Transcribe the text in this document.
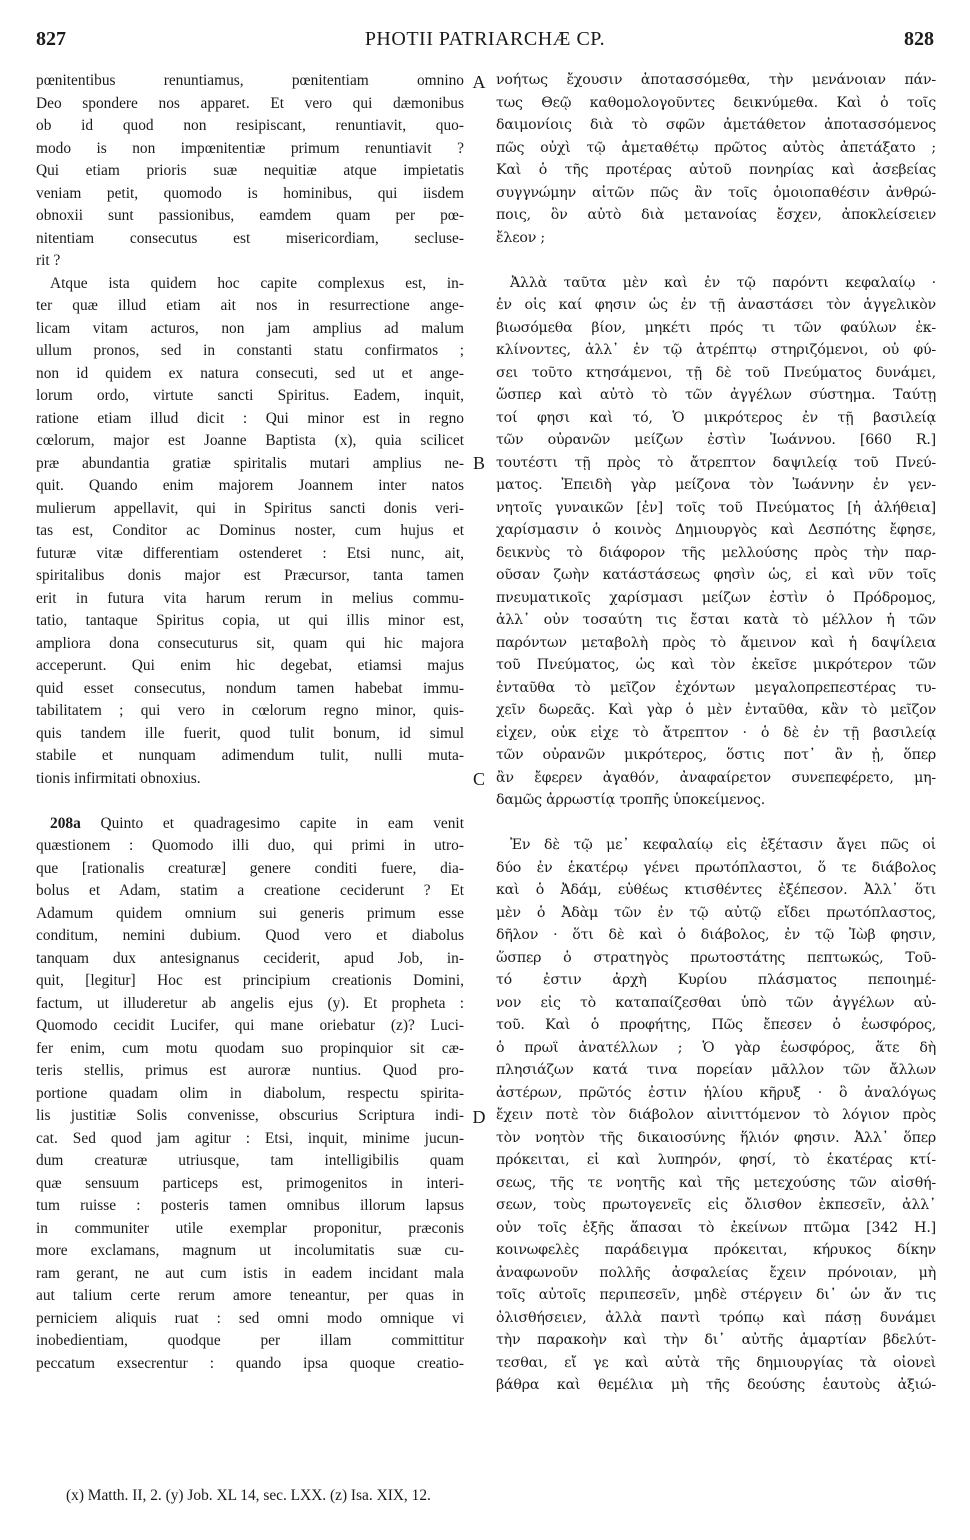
827	PHOTII PATRIARCHÆ CP.	828
pœnitentibus renuntiamus, pœnitentiam omnino
Deo spondere nos apparet. Et vero qui dæmonibus
ob id quod non resipiscant, renuntiavit, quo-
modo is non impœnitentiæ primum renuntiavit ?
Qui etiam prioris suæ nequitiæ atque impietatis
veniam petit, quomodo is hominibus, qui iisdem
obnoxii sunt passionibus, eamdem quam per pœ-
nitentiam consecutus est misericordiam, secluse-
rit ?
Atque ista quidem hoc capite complexus est, in-
ter quæ illud etiam ait nos in resurrectione ange-
licam vitam acturos, non jam amplius ad malum
ullum pronos, sed in constanti statu confirmatos ;
non id quidem ex natura consecuti, sed ut et ange-
lorum ordo, virtute sancti Spiritus. Eadem, inquit,
ratione etiam illud dicit : Qui minor est in regno
cœlorum, major est Joanne Baptista (x), quia scilicet
præ abundantia gratiæ spiritalis mutari amplius ne-
quit. Quando enim majorem Joannem inter natos
mulierum appellavit, qui in Spiritus sancti donis veri-
tas est, Conditor ac Dominus noster, cum hujus et
futuræ vitæ differentiam ostenderet : Etsi nunc, ait,
spiritalibus donis major est Præcursor, tanta tamen
erit in futura vita harum rerum in melius commu-
tatio, tantaque Spiritus copia, ut qui illis minor est,
ampliora dona consecuturus sit, quam qui hic majora
acceperunt. Qui enim hic degebat, etiamsi majus
quid esset consecutus, nondum tamen habebat immu-
tabilitatem ; qui vero in cœlorum regno minor, quis-
quis tandem ille fuerit, quod tulit bonum, id simul
stabile et nunquam adimendum tulit, nulli muta-
tionis infirmitati obnoxius.
208a Quinto et quadragesimo capite in eam venit
quæstionem : Quomodo illi duo, qui primi in utro-
que [rationalis creaturæ] genere conditi fuere, dia-
bolus et Adam, statim a creatione ceciderunt ? Et
Adamum quidem omnium sui generis primum esse
conditum, nemini dubium. Quod vero et diabolus
tanquam dux antesignanus ceciderit, apud Job, in-
quit, [legitur] Hoc est principium creationis Domini,
factum, ut illuderetur ab angelis ejus (y). Et propheta :
Quomodo cecidit Lucifer, qui mane oriebatur (z)? Luci-
fer enim, cum motu quodam suo propinquior sit cæ-
teris stellis, primus est auroræ nuntius. Quod pro-
portione quadam olim in diabolum, respectu spirita-
lis justitiæ Solis convenisse, obscurius Scriptura indi-
cat. Sed quod jam agitur : Etsi, inquit, minime jucun-
dum creaturæ utriusque, tam intelligibilis quam
quæ sensuum particeps est, primogenitos in interi-
tum ruisse : posteris tamen omnibus illorum lapsus
in communiter utile exemplar proponitur, præconis
more exclamans, magnum ut incolumitatis suæ cu-
ram gerant, ne aut cum istis in eadem incidant mala
aut talium certe rerum amore teneantur, per quas in
perniciem aliquis ruat : sed omni modo omnique vi
inobedientiam, quodque per illam committitur
peccatum exsecrentur : quando ipsa quoque creatio-
νοήτως ἔχουσιν ἀποτασσόμεθα, τὴν μενάνοιαν πάν-
τως Θεῷ καθομολογοῦντες δεικνύμεθα. Καὶ ὁ τοῖς
δαιμονίοις διὰ τὸ σφῶν ἀμετάθετον ἀποτασσόμενος
πῶς οὐχὶ τῷ ἀμεταθέτῳ πρῶτος αὐτὸς ἀπετάξατο ;
Καὶ ὁ τῆς προτέρας αὐτοῦ πονηρίας καὶ ἀσεβείας
συγγνώμην αἰτῶν πῶς ἂν τοῖς ὁμοιοπαθέσιν ἀνθρώ-
ποις, ὃν αὐτὸ διὰ μετανοίας ἔσχεν, ἀποκλείσειεν
ἔλεον ;
Ἀλλὰ ταῦτα μὲν καὶ ἐν τῷ παρόντι κεφαλαίῳ ·
ἐν οἷς καί φησιν ὡς ἐν τῇ ἀναστάσει τὸν ἀγγελικὸν
βιωσόμεθα βίον, μηκέτι πρός τι τῶν φαύλων ἐκ-
κλίνοντες, ἀλλ᾽ ἐν τῷ ἀτρέπτῳ στηριζόμενοι, οὐ φύ-
σει τοῦτο κτησάμενοι, τῇ δὲ τοῦ Πνεύματος δυνάμει,
ὥσπερ καὶ αὐτὸ τὸ τῶν ἀγγέλων σύστημα. Ταύτῃ
τοί φησι καὶ τό, Ὁ μικρότερος ἐν τῇ βασιλείᾳ
τῶν οὐρανῶν μείζων ἐστὶν Ἰωάννου. [660 R.]
τουτέστι τῇ πρὸς τὸ ἄτρεπτον δαψιλείᾳ τοῦ Πνεύ-
ματος. Ἐπειδὴ γὰρ μείζονα τὸν Ἰωάννην ἐν γεν-
νητοῖς γυναικῶν [ἐν] τοῖς τοῦ Πνεύματος [ἡ ἀλήθεια]
χαρίσμασιν ὁ κοινὸς Δημιουργὸς καὶ Δεσπότης ἔφησε,
δεικνὺς τὸ διάφορον τῆς μελλούσης πρὸς τὴν παρ-
οῦσαν ζωὴν κατάστάσεως φησὶν ὡς, εἰ καὶ νῦν τοῖς
πνευματικοῖς χαρίσμασι μείζων ἐστὶν ὁ Πρόδρομος,
ἀλλ᾽ οὖν τοσαύτη τις ἔσται κατὰ τὸ μέλλον ἡ τῶν
παρόντων μεταβολὴ πρὸς τὸ ἄμεινον καὶ ἡ δαψίλεια
τοῦ Πνεύματος, ὡς καὶ τὸν ἐκεῖσε μικρότερον τῶν
ἐνταῦθα τὸ μεῖζον ἐχόντων μεγαλοπρεπεστέρας τυ-
χεῖν δωρεᾶς. Καὶ γὰρ ὁ μὲν ἐνταῦθα, κἂν τὸ μεῖζον
εἶχεν, οὐκ εἶχε τὸ ἄτρεπτον · ὁ δὲ ἐν τῇ βασιλείᾳ
τῶν οὐρανῶν μικρότερος, ὅστις ποτ᾽ ἂν ᾖ, ὅπερ
ἂν ἔφερεν ἀγαθόν, ἀναφαίρετον συνεπεφέρετο, μη-
δαμῶς ἀρρωστίᾳ τροπῆς ὑποκείμενος.
Ἐν δὲ τῷ με᾽ κεφαλαίῳ εἰς ἐξέτασιν ἄγει πῶς οἱ
δύο ἐν ἑκατέρῳ γένει πρωτόπλαστοι, ὅ τε διάβολος
καὶ ὁ Ἀδάμ, εὐθέως κτισθέντες ἐξέπεσον. Ἀλλ᾽ ὅτι
μὲν ὁ Ἀδὰμ τῶν ἐν τῷ αὐτῷ εἴδει πρωτόπλαστος,
δῆλον · ὅτι δὲ καὶ ὁ διάβολος, ἐν τῷ Ἰὼβ φησιν,
ὥσπερ ὁ στρατηγὸς πρωτοστάτης πεπτωκώς, Τοῦ-
τό ἐστιν ἀρχὴ Κυρίου πλάσματος πεποιημέ-
νον εἰς τὸ καταπαίζεσθαι ὑπὸ τῶν ἀγγέλων αὐ-
τοῦ. Καὶ ὁ προφήτης, Πῶς ἔπεσεν ὁ ἑωσφόρος,
ὁ πρωῒ ἀνατέλλων ; Ὁ γὰρ ἑωσφόρος, ἅτε δὴ
πλησιάζων κατά τινα πορείαν μᾶλλον τῶν ἄλλων
ἀστέρων, πρῶτός ἐστιν ἡλίου κῆρυξ · ὃ ἀναλόγως
ἔχειν ποτὲ τὸν διάβολον αἰνιττόμενον τὸ λόγιον πρὸς
τὸν νοητὸν τῆς δικαιοσύνης ἥλιόν φησιν. Ἀλλ᾽ ὅπερ
πρόκειται, εἰ καὶ λυπηρόν, φησί, τὸ ἑκατέρας κτί-
σεως, τῆς τε νοητῆς καὶ τῆς μετεχούσης τῶν αἰσθή-
σεων, τοὺς πρωτογενεῖς εἰς ὄλισθον ἐκπεσεῖν, ἀλλ᾽
οὖν τοῖς ἑξῆς ἅπασαι τὸ ἐκείνων πτῶμα [342 H.]
κοινωφελὲς παράδειγμα πρόκειται, κήρυκος δίκην
ἀναφωνοῦν πολλῆς ἀσφαλείας ἔχειν πρόνοιαν, μὴ
τοῖς αὐτοῖς περιπεσεῖν, μηδὲ στέργειν δι᾽ ὧν ἄν τις
ὀλισθήσειεν, ἀλλὰ παντὶ τρόπῳ καὶ πάσῃ δυνάμει
τὴν παρακοὴν καὶ τὴν δι᾽ αὐτῆς ἁμαρτίαν βδελύτ-
τεσθαι, εἴ γε καὶ αὐτὰ τῆς δημιουργίας τὰ οἰονεὶ
βάθρα καὶ θεμέλια μὴ τῆς δεούσης ἑαυτοὺς ἀξιώ-
A
B
C
D
(x) Matth. II, 2. (y) Job. XL 14, sec. LXX. (z) Isa. XIX, 12.
